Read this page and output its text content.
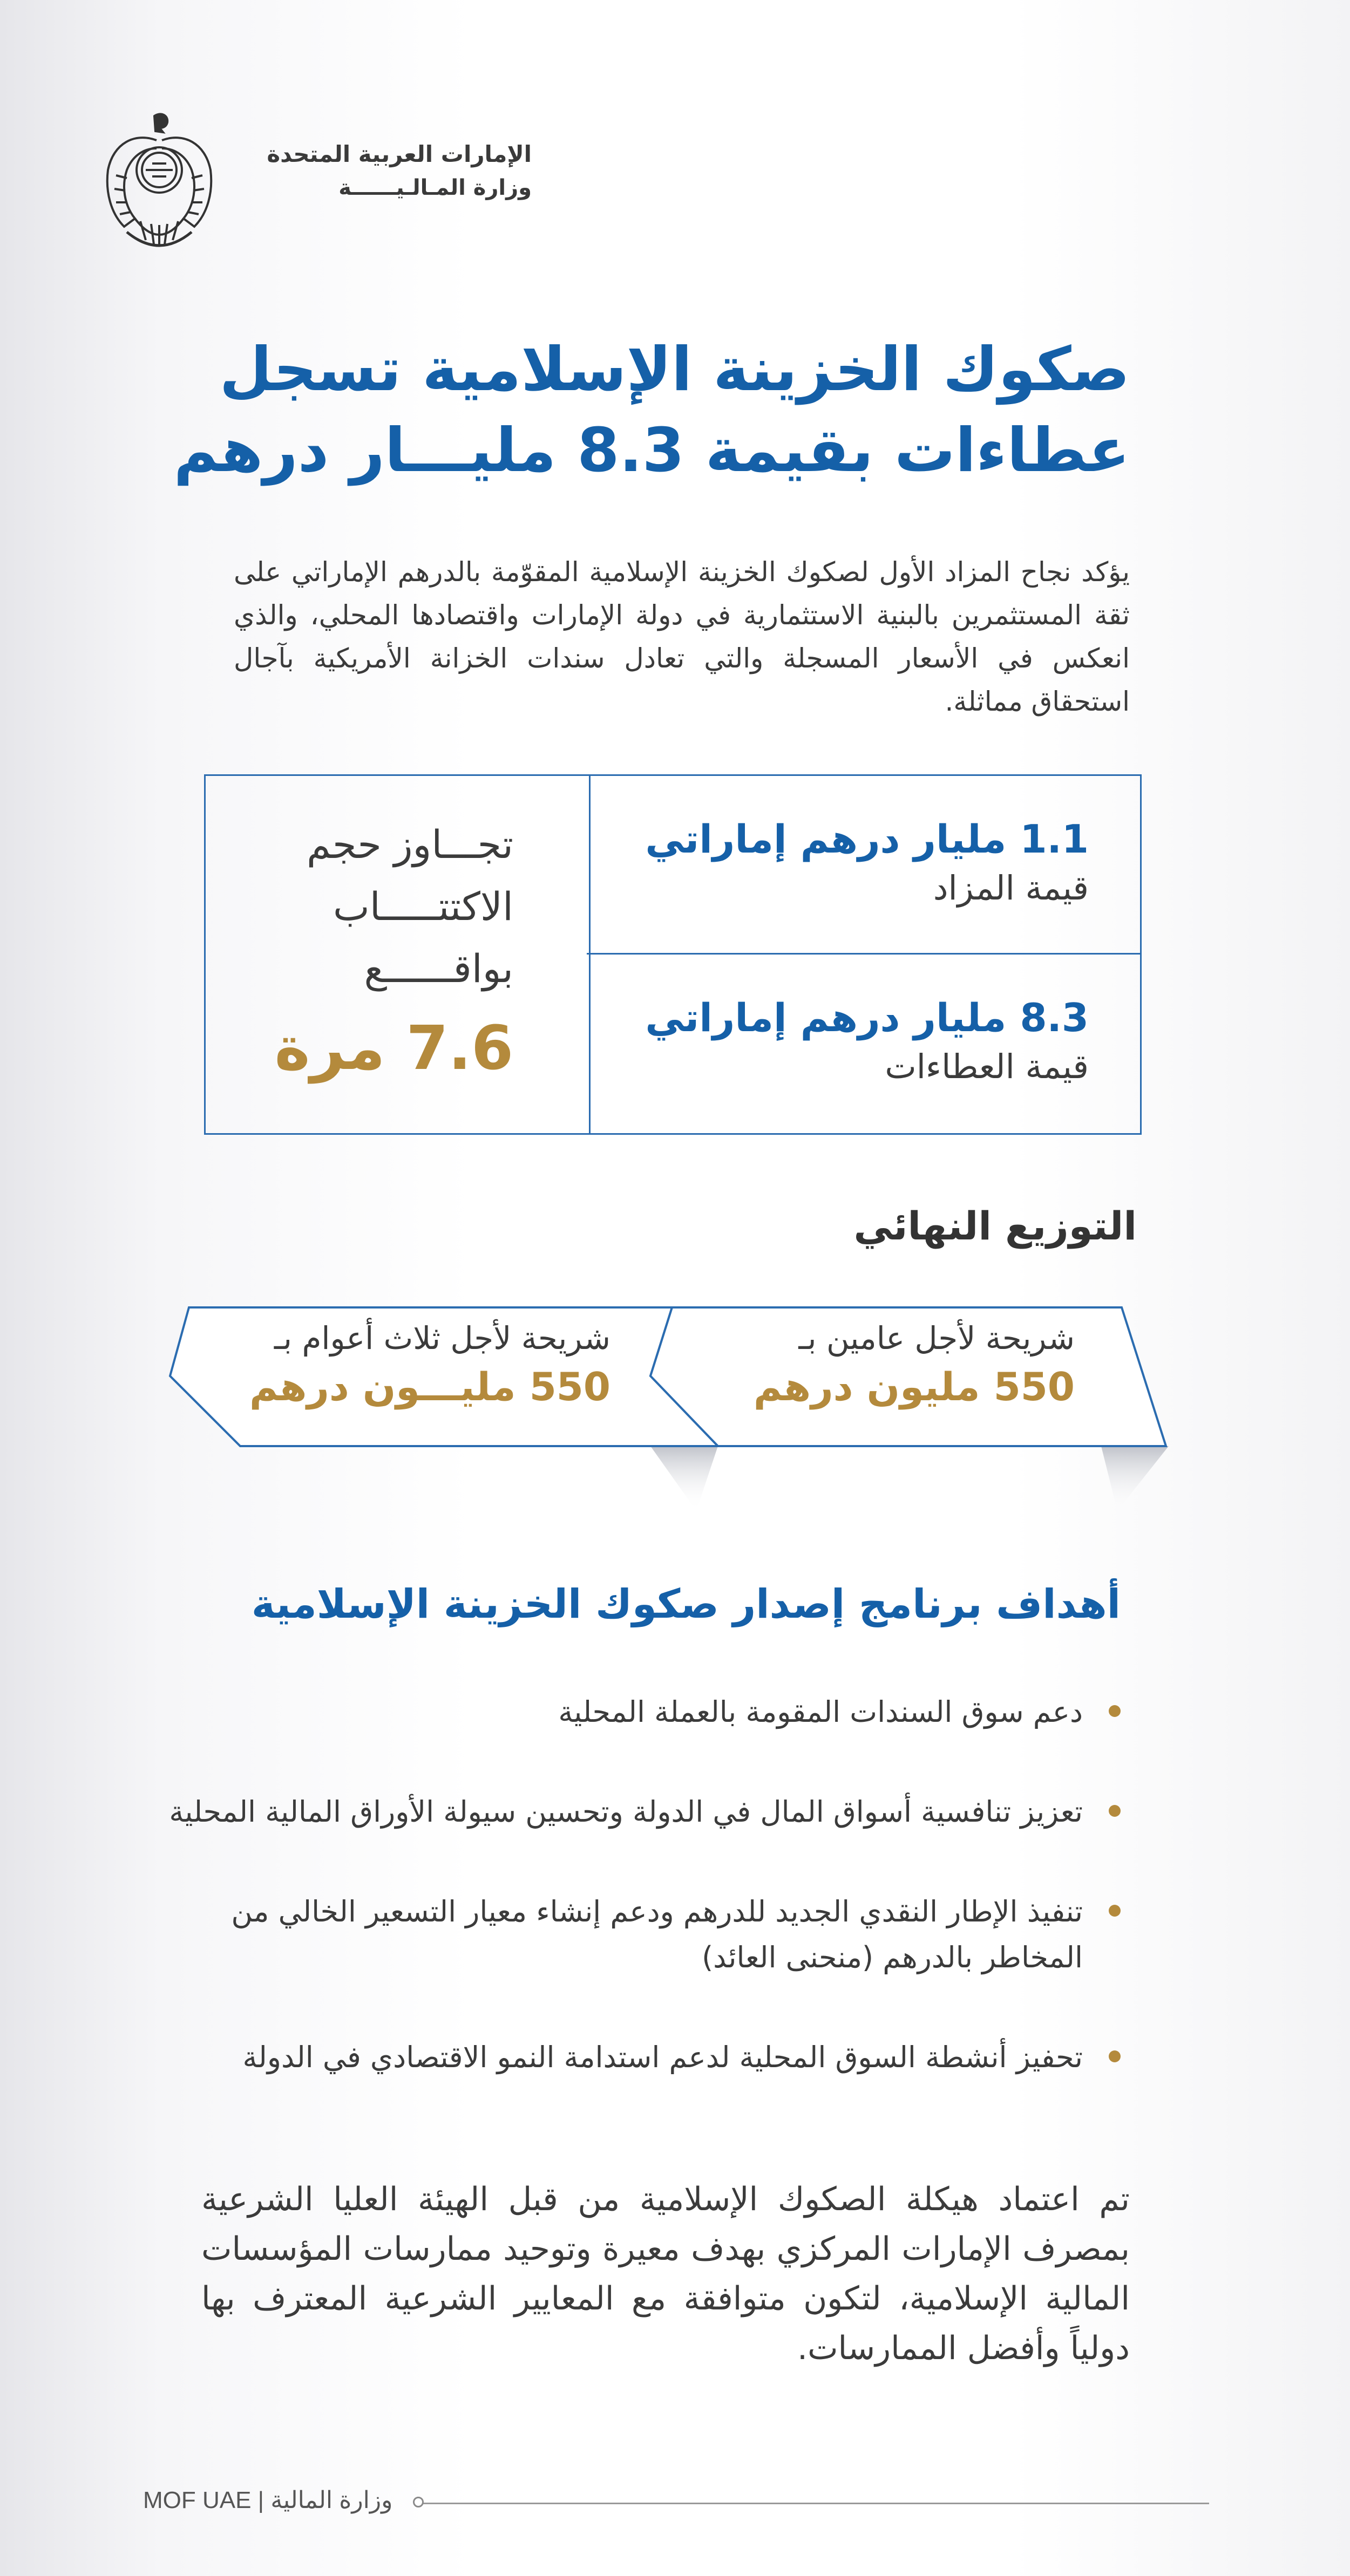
الإمارات العربية المتحدة
وزارة المـالـيــــــة
صكوك الخزينة الإسلامية تسجل
عطاءات بقيمة 8.3 مليـــار درهم
يؤكد نجاح المزاد الأول لصكوك الخزينة الإسلامية المقوّمة بالدرهم الإماراتي على ثقة المستثمرين بالبنية الاستثمارية في دولة الإمارات واقتصادها المحلي، والذي انعكس في الأسعار المسجلة والتي تعادل سندات الخزانة الأمريكية بآجال استحقاق مماثلة.
1.1 مليار درهم إماراتي
قيمة المزاد
8.3 مليار درهم إماراتي
قيمة العطاءات
تجـــاوز حجم
الاكتتـــــاب
بواقــــــع
7.6 مرة
التوزيع النهائي
شريحة لأجل عامين بـ
550 مليون درهم
شريحة لأجل ثلاث أعوام بـ
550 مليـــون درهم
أهداف برنامج إصدار صكوك الخزينة الإسلامية
دعم سوق السندات المقومة بالعملة المحلية
تعزيز تنافسية أسواق المال في الدولة وتحسين سيولة الأوراق المالية المحلية
تنفيذ الإطار النقدي الجديد للدرهم ودعم إنشاء معيار التسعير الخالي من المخاطر بالدرهم (منحنى العائد)
تحفيز أنشطة السوق المحلية لدعم استدامة النمو الاقتصادي في الدولة
تم اعتماد هيكلة الصكوك الإسلامية من قبل الهيئة العليا الشرعية بمصرف الإمارات المركزي بهدف معيرة وتوحيد ممارسات المؤسسات المالية الإسلامية، لتكون متوافقة مع المعايير الشرعية المعترف بها دولياً وأفضل الممارسات.
MOF UAE | وزارة المالية
